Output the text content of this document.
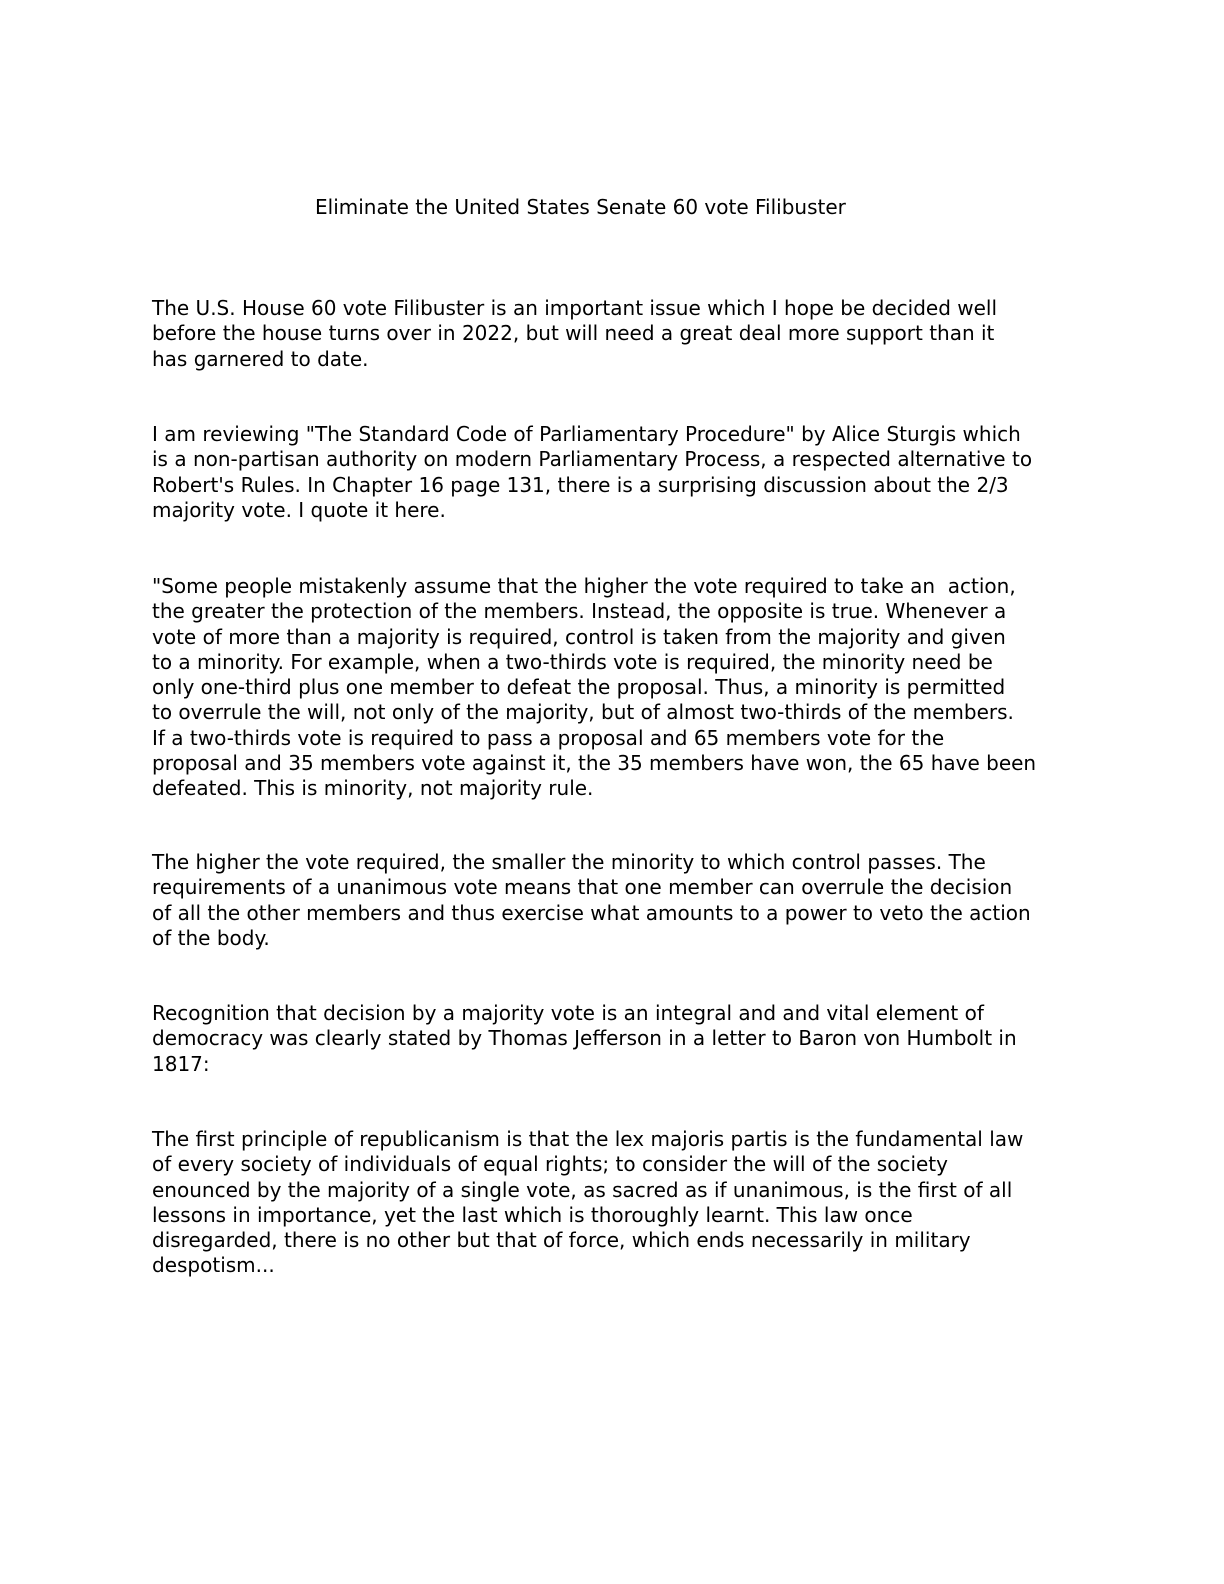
Eliminate the United States Senate 60 vote Filibuster
The U.S. House 60 vote Filibuster is an important issue which I hope be decided well
before the house turns over in 2022, but will need a great deal more support than it
has garnered to date.
I am reviewing "The Standard Code of Parliamentary Procedure" by Alice Sturgis which
is a non-partisan authority on modern Parliamentary Process, a respected alternative to
Robert's Rules. In Chapter 16 page 131, there is a surprising discussion about the 2/3
majority vote. I quote it here.
"Some people mistakenly assume that the higher the vote required to take an  action,
the greater the protection of the members. Instead, the opposite is true. Whenever a
vote of more than a majority is required, control is taken from the majority and given
to a minority. For example, when a two-thirds vote is required, the minority need be
only one-third plus one member to defeat the proposal. Thus, a minority is permitted
to overrule the will, not only of the majority, but of almost two-thirds of the members.
If a two-thirds vote is required to pass a proposal and 65 members vote for the
proposal and 35 members vote against it, the 35 members have won, the 65 have been
defeated. This is minority, not majority rule.
The higher the vote required, the smaller the minority to which control passes. The
requirements of a unanimous vote means that one member can overrule the decision
of all the other members and thus exercise what amounts to a power to veto the action
of the body.
Recognition that decision by a majority vote is an integral and and vital element of
democracy was clearly stated by Thomas Jefferson in a letter to Baron von Humbolt in
1817:
The first principle of republicanism is that the lex majoris partis is the fundamental law
of every society of individuals of equal rights; to consider the will of the society
enounced by the majority of a single vote, as sacred as if unanimous, is the first of all
lessons in importance, yet the last which is thoroughly learnt. This law once
disregarded, there is no other but that of force, which ends necessarily in military
despotism...
